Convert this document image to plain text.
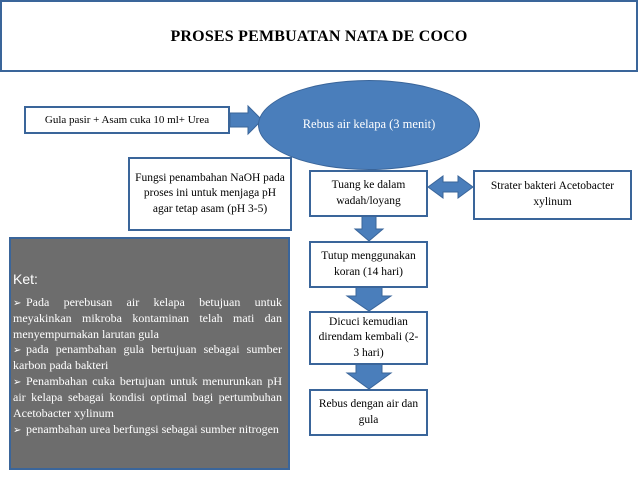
PROSES PEMBUATAN NATA DE COCO
Gula pasir + Asam cuka 10 ml+ Urea	Rebus air kelapa (3 menit)
Fungsi penambahan NaOH pada proses ini untuk menjaga pH agar tetap asam (pH 3-5)
Tuang ke dalam wadah/loyang
Strater bakteri Acetobacter xylinum
Tutup menggunakan koran (14 hari)
Dicuci kemudian direndam kembali (2-3 hari)
Rebus dengan air dan gula
Ket:
➢ Pada perebusan air kelapa betujuan untuk meyakinkan mikroba kontaminan telah mati dan menyempurnakan larutan gula
➢ pada penambahan gula bertujuan sebagai sumber karbon pada bakteri
➢ Penambahan cuka bertujuan untuk menurunkan pH air kelapa sebagai kondisi optimal bagi pertumbuhan Acetobacter xylinum
➢ penambahan urea berfungsi sebagai sumber nitrogen
